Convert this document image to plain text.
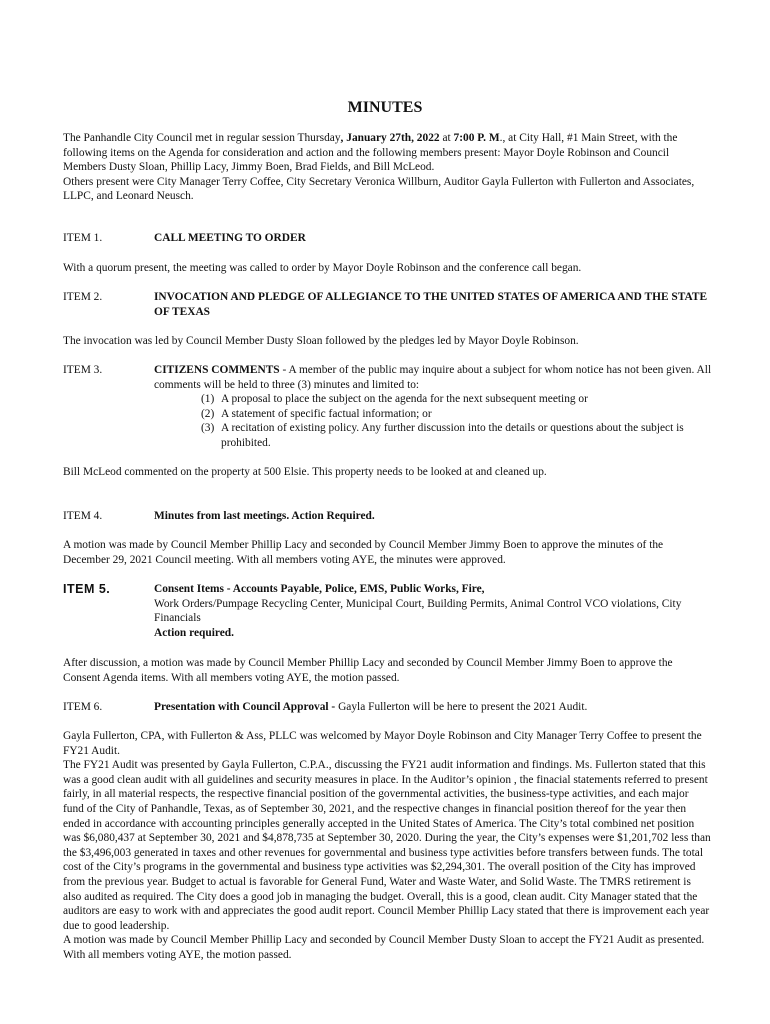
MINUTES

The Panhandle City Council met in regular session Thursday, January 27th, 2022 at 7:00 P. M., at City Hall, #1 Main Street, with the following items on the Agenda for consideration and action and the following members present: Mayor Doyle Robinson and Council Members Dusty Sloan, Phillip Lacy, Jimmy Boen, Brad Fields, and Bill McLeod.
Others present were City Manager Terry Coffee, City Secretary Veronica Willburn, Auditor Gayla Fullerton with Fullerton and Associates, LLPC, and Leonard Neusch.

ITEM 1.	CALL MEETING TO ORDER

With a quorum present, the meeting was called to order by Mayor Doyle Robinson and the conference call began.

ITEM 2.	INVOCATION AND PLEDGE OF ALLEGIANCE TO THE UNITED STATES OF AMERICA AND THE STATE OF TEXAS

The invocation was led by Council Member Dusty Sloan followed by the pledges led by Mayor Doyle Robinson.

ITEM 3.	CITIZENS COMMENTS - A member of the public may inquire about a subject for whom notice has not been given. All comments will be held to three (3) minutes and limited to:
(1) A proposal to place the subject on the agenda for the next subsequent meeting or
(2) A statement of specific factual information; or
(3) A recitation of existing policy. Any further discussion into the details or questions about the subject is prohibited.

Bill McLeod commented on the property at 500 Elsie. This property needs to be looked at and cleaned up.

ITEM 4.	Minutes from last meetings. Action Required.

A motion was made by Council Member Phillip Lacy and seconded by Council Member Jimmy Boen to approve the minutes of the December 29, 2021 Council meeting. With all members voting AYE, the minutes were approved.

ITEM 5.	Consent Items - Accounts Payable, Police, EMS, Public Works, Fire,
Work Orders/Pumpage Recycling Center, Municipal Court, Building Permits, Animal Control VCO violations, City Financials
Action required.

After discussion, a motion was made by Council Member Phillip Lacy and seconded by Council Member Jimmy Boen to approve the Consent Agenda items. With all members voting AYE, the motion passed.

ITEM 6.	Presentation with Council Approval - Gayla Fullerton will be here to present the 2021 Audit.

Gayla Fullerton, CPA, with Fullerton & Ass, PLLC was welcomed by Mayor Doyle Robinson and City Manager Terry Coffee to present the FY21 Audit.
The FY21 Audit was presented by Gayla Fullerton, C.P.A., discussing the FY21 audit information and findings. Ms. Fullerton stated that this was a good clean audit with all guidelines and security measures in place. In the Auditor’s opinion , the finacial statements referred to present fairly, in all material respects, the respective financial position of the governmental activities, the business-type activities, and each major fund of the City of Panhandle, Texas, as of September 30, 2021, and the respective changes in financial position thereof for the year then ended in accordance with accounting principles generally accepted in the United States of America. The City’s total combined net position was $6,080,437 at September 30, 2021 and $4,878,735 at September 30, 2020. During the year, the City’s expenses were $1,201,702 less than the $3,496,003 generated in taxes and other revenues for governmental and business type activities before transfers between funds. The total cost of the City’s programs in the governmental and business type activities was $2,294,301. The overall position of the City has improved from the previous year. Budget to actual is favorable for General Fund, Water and Waste Water, and Solid Waste. The TMRS retirement is also audited as required. The City does a good job in managing the budget. Overall, this is a good, clean audit. City Manager stated that the auditors are easy to work with and appreciates the good audit report. Council Member Phillip Lacy stated that there is improvement each year due to good leadership.
A motion was made by Council Member Phillip Lacy and seconded by Council Member Dusty Sloan to accept the FY21 Audit as presented. With all members voting AYE, the motion passed.
